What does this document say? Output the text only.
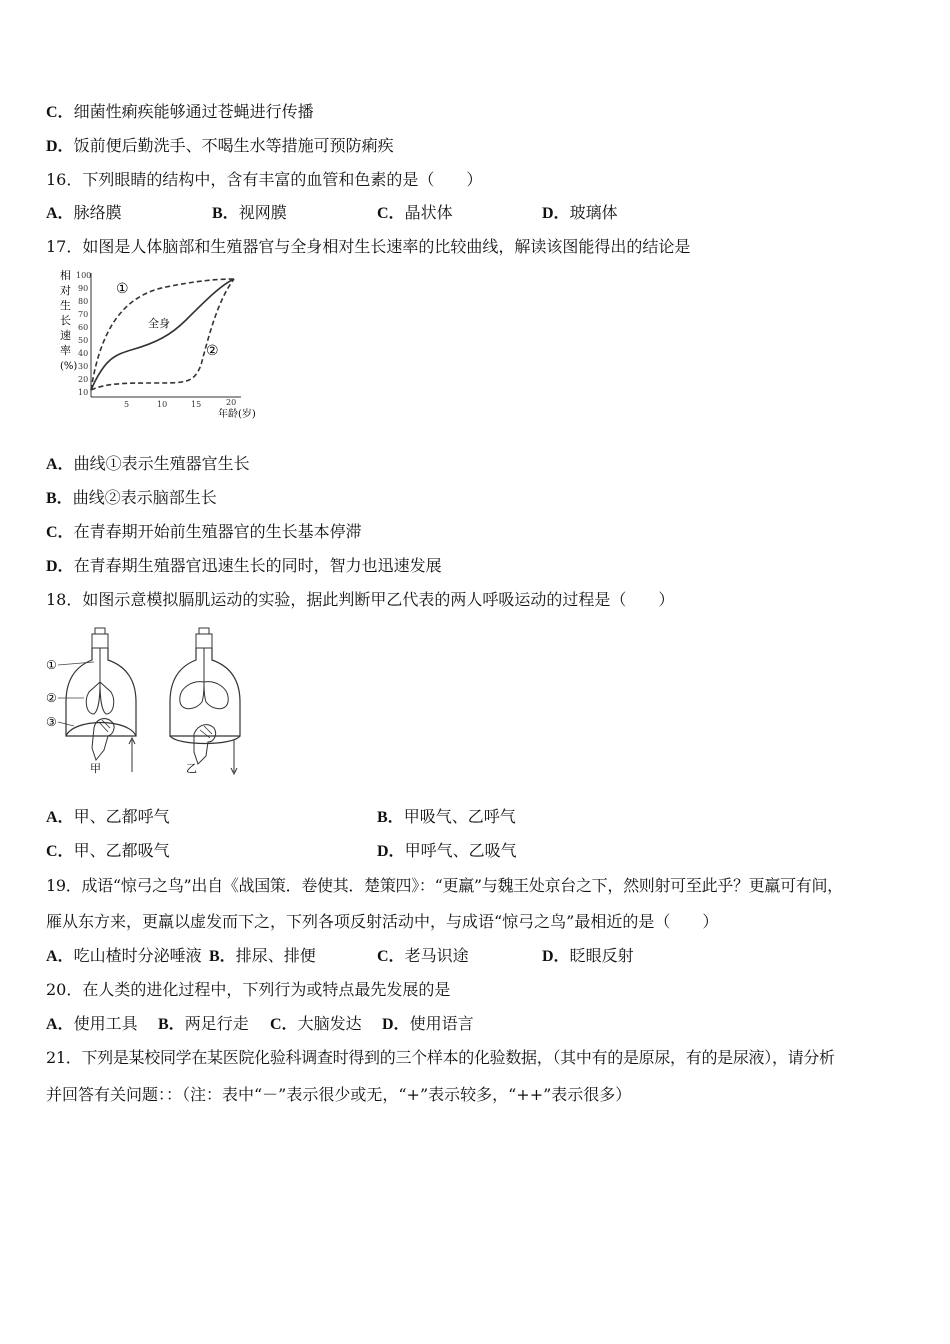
C．细菌性痢疾能够通过苍蝇进行传播
D．饭前便后勤洗手、不喝生水等措施可预防痢疾
16．下列眼睛的结构中，含有丰富的血管和色素的是（　　）
A．脉络膜	B．视网膜	C．晶状体	D．玻璃体
17．如图是人体脑部和生殖器官与全身相对生长速率的比较曲线，解读该图能得出的结论是
相
对
生
长
速
率
(%)
100
90
80
70
60
50
40
30
20
10
5	10	15	20
年龄(岁)
①
②
全身
A．曲线①表示生殖器官生长
B．曲线②表示脑部生长
C．在青春期开始前生殖器官的生长基本停滞
D．在青春期生殖器官迅速生长的同时，智力也迅速发展
18．如图示意模拟膈肌运动的实验，据此判断甲乙代表的两人呼吸运动的过程是（　　）
①
②
③
甲	乙
A．甲、乙都呼气	B．甲吸气、乙呼气
C．甲、乙都吸气	D．甲呼气、乙吸气
19．成语“惊弓之鸟”出自《战国策．卷使其．楚策四》：“更羸”与魏王处京台之下，然则射可至此乎？更羸可有间，
雁从东方来，更羸以虚发而下之，下列各项反射活动中，与成语“惊弓之鸟”最相近的是（　　）
A．吃山楂时分泌唾液 B．排尿、排便	C．老马识途	D．眨眼反射
20．在人类的进化过程中，下列行为或特点最先发展的是
A．使用工具 B．两足行走 C．大脑发达 D．使用语言
21．下列是某校同学在某医院化验科调查时得到的三个样本的化验数据，（其中有的是原尿，有的是尿液），请分析
并回答有关问题：：（注：表中“－”表示很少或无，“+”表示较多，“++”表示很多）
